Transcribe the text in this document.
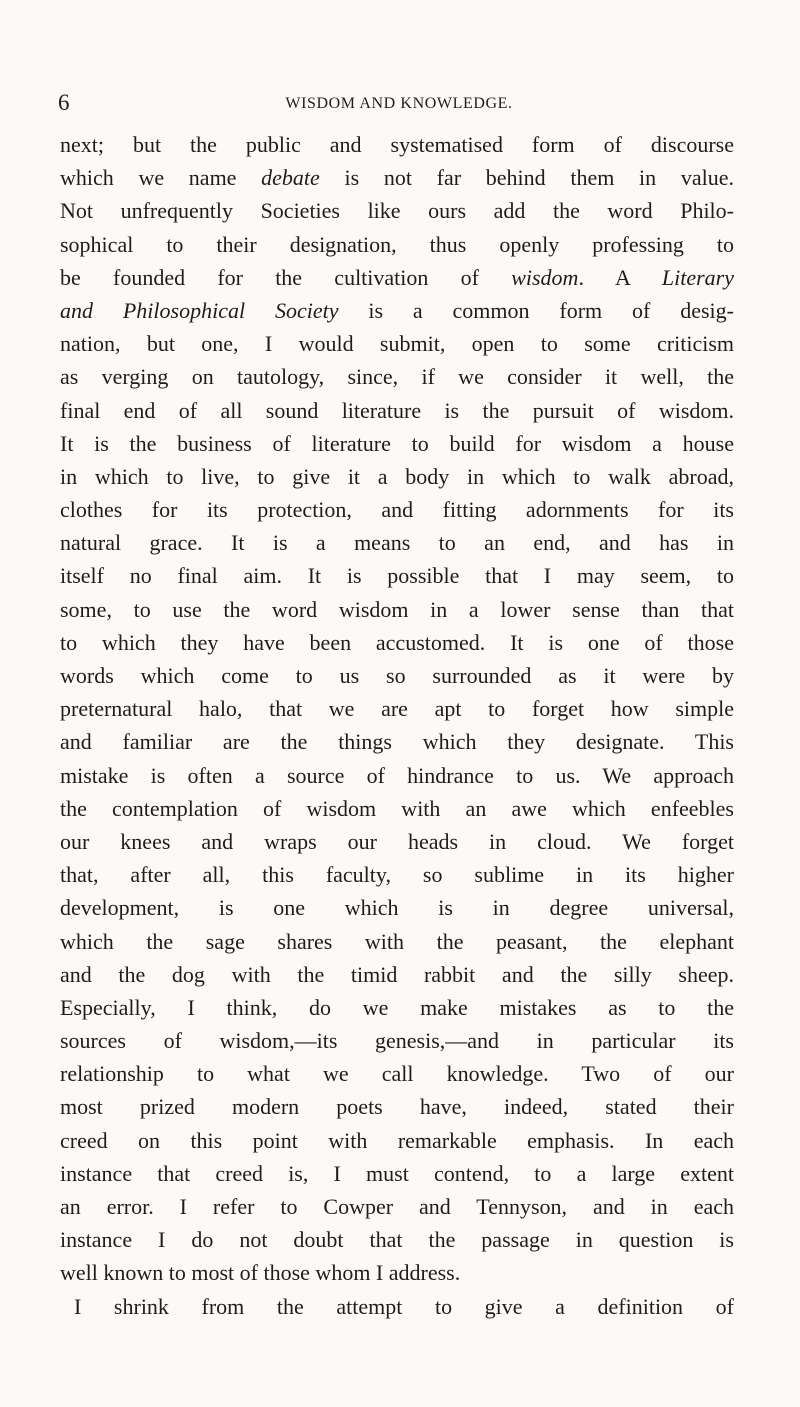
6	WISDOM AND KNOWLEDGE.
next; but the public and systematised form of discourse
which we name debate is not far behind them in value.
Not unfrequently Societies like ours add the word Philo-
sophical to their designation, thus openly professing to
be founded for the cultivation of wisdom. A Literary
and Philosophical Society is a common form of desig-
nation, but one, I would submit, open to some criticism
as verging on tautology, since, if we consider it well, the
final end of all sound literature is the pursuit of wisdom.
It is the business of literature to build for wisdom a house
in which to live, to give it a body in which to walk abroad,
clothes for its protection, and fitting adornments for its
natural grace. It is a means to an end, and has in
itself no final aim. It is possible that I may seem, to
some, to use the word wisdom in a lower sense than that
to which they have been accustomed. It is one of those
words which come to us so surrounded as it were by
preternatural halo, that we are apt to forget how simple
and familiar are the things which they designate. This
mistake is often a source of hindrance to us. We approach
the contemplation of wisdom with an awe which enfeebles
our knees and wraps our heads in cloud. We forget
that, after all, this faculty, so sublime in its higher
development, is one which is in degree universal,
which the sage shares with the peasant, the elephant
and the dog with the timid rabbit and the silly sheep.
Especially, I think, do we make mistakes as to the
sources of wisdom,—its genesis,—and in particular its
relationship to what we call knowledge. Two of our
most prized modern poets have, indeed, stated their
creed on this point with remarkable emphasis. In each
instance that creed is, I must contend, to a large extent
an error. I refer to Cowper and Tennyson, and in each
instance I do not doubt that the passage in question is
well known to most of those whom I address.
I shrink from the attempt to give a definition of
